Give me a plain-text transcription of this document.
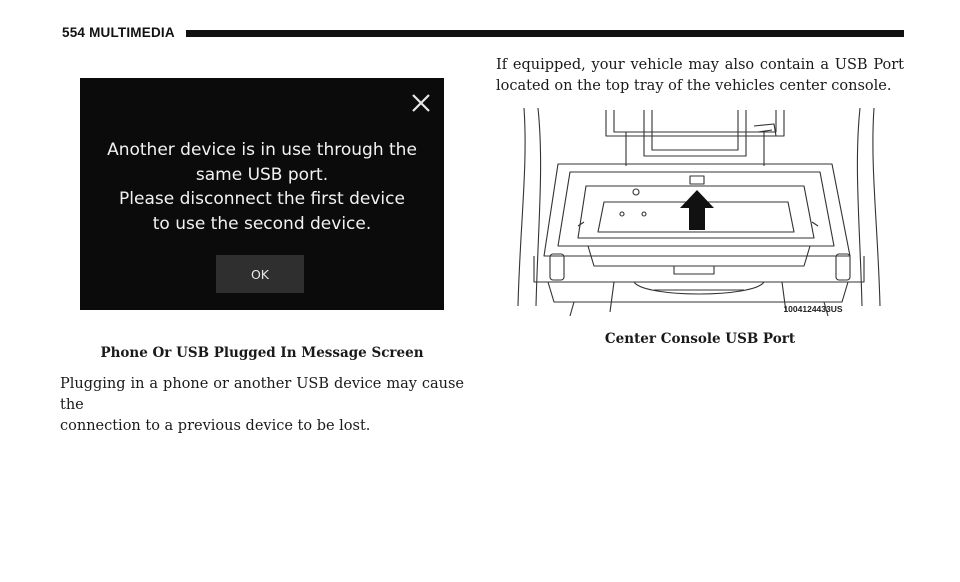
554 MULTIMEDIA
Another device is in use through the
same USB port.
Please disconnect the first device
to use the second device.
OK
Phone Or USB Plugged In Message Screen
Plugging in a phone or another USB device may cause the
connection to a previous device to be lost.
If equipped, your vehicle may also contain a USB Port
located on the top tray of the vehicles center console.
1004124433US
Center Console USB Port
